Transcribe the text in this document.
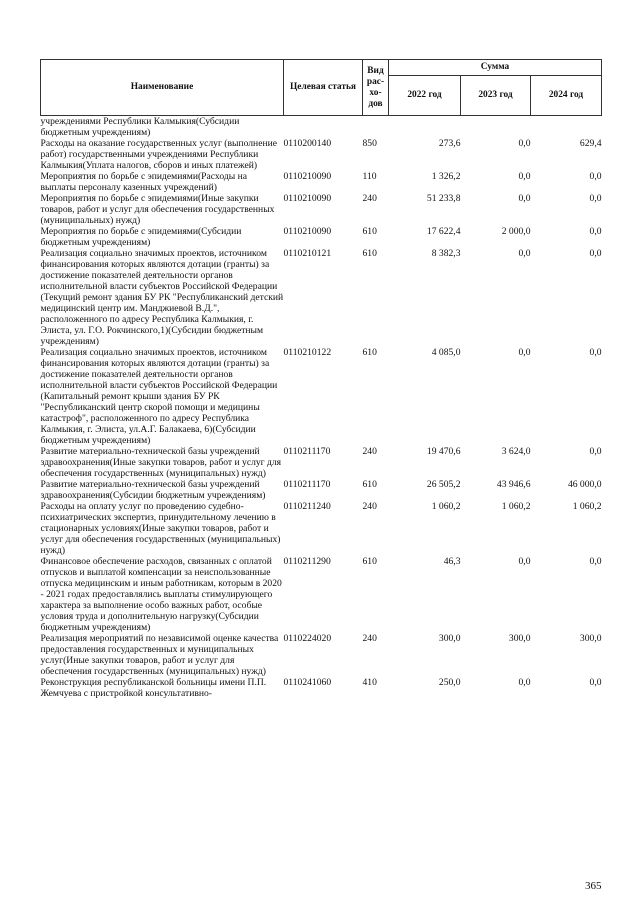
Наименование	Целевая статья	Вид рас-хо-дов	Сумма		
			2022 год	2023 год	2024 год
учреждениями Республики Калмыкия(Субсидии бюджетным учреждениям)					
Расходы на оказание государственных услуг (выполнение работ) государственными учреждениями Республики Калмыкия(Уплата налогов, сборов и иных платежей)	0110200140	850	273,6	0,0	629,4
Мероприятия по борьбе с эпидемиями(Расходы на выплаты персоналу казенных учреждений)	0110210090	110	1 326,2	0,0	0,0
Мероприятия по борьбе с эпидемиями(Иные закупки товаров, работ и услуг для обеспечения государственных (муниципальных) нужд)	0110210090	240	51 233,8	0,0	0,0
Мероприятия по борьбе с эпидемиями(Субсидии бюджетным учреждениям)	0110210090	610	17 622,4	2 000,0	0,0
Реализация социально значимых проектов, источником финансирования которых являются дотации (гранты) за достижение показателей деятельности органов исполнительной власти субъектов Российской Федерации (Текущий ремонт здания БУ РК "Республиканский детский медицинский центр им. Манджиевой В.Д.", расположенного по адресу Республика Калмыкия, г. Элиста, ул. Г.О. Рокчинского,1)(Субсидии бюджетным учреждениям)	0110210121	610	8 382,3	0,0	0,0
Реализация социально значимых проектов, источником финансирования которых являются дотации (гранты) за достижение показателей деятельности органов исполнительной власти субъектов Российской Федерации (Капитальный ремонт крыши здания БУ РК "Республиканский центр скорой помощи и медицины катастроф", расположенного по адресу Республика Калмыкия, г. Элиста, ул.А.Г. Балакаева, 6)(Субсидии бюджетным учреждениям)	0110210122	610	4 085,0	0,0	0,0
Развитие материально-технической базы учреждений здравоохранения(Иные закупки товаров, работ и услуг для обеспечения государственных (муниципальных) нужд)	0110211170	240	19 470,6	3 624,0	0,0
Развитие материально-технической базы учреждений здравоохранения(Субсидии бюджетным учреждениям)	0110211170	610	26 505,2	43 946,6	46 000,0
Расходы на оплату услуг по проведению судебно-психиатрических экспертиз, принудительному лечению в стационарных условиях(Иные закупки товаров, работ и услуг для обеспечения государственных (муниципальных) нужд)	0110211240	240	1 060,2	1 060,2	1 060,2
Финансовое обеспечение расходов, связанных с оплатой отпусков и выплатой компенсации за неиспользованные отпуска медицинским и иным работникам, которым в 2020 - 2021 годах предоставлялись выплаты стимулирующего характера за выполнение особо важных работ, особые условия труда и дополнительную нагрузку(Субсидии бюджетным учреждениям)	0110211290	610	46,3	0,0	0,0
Реализация мероприятий по независимой оценке качества предоставления государственных и муниципальных услуг(Иные закупки товаров, работ и услуг для обеспечения государственных (муниципальных) нужд)	0110224020	240	300,0	300,0	300,0
Реконструкция республиканской больницы имени П.П. Жемчуева с пристройкой консультативно-	0110241060	410	250,0	0,0	0,0
365
